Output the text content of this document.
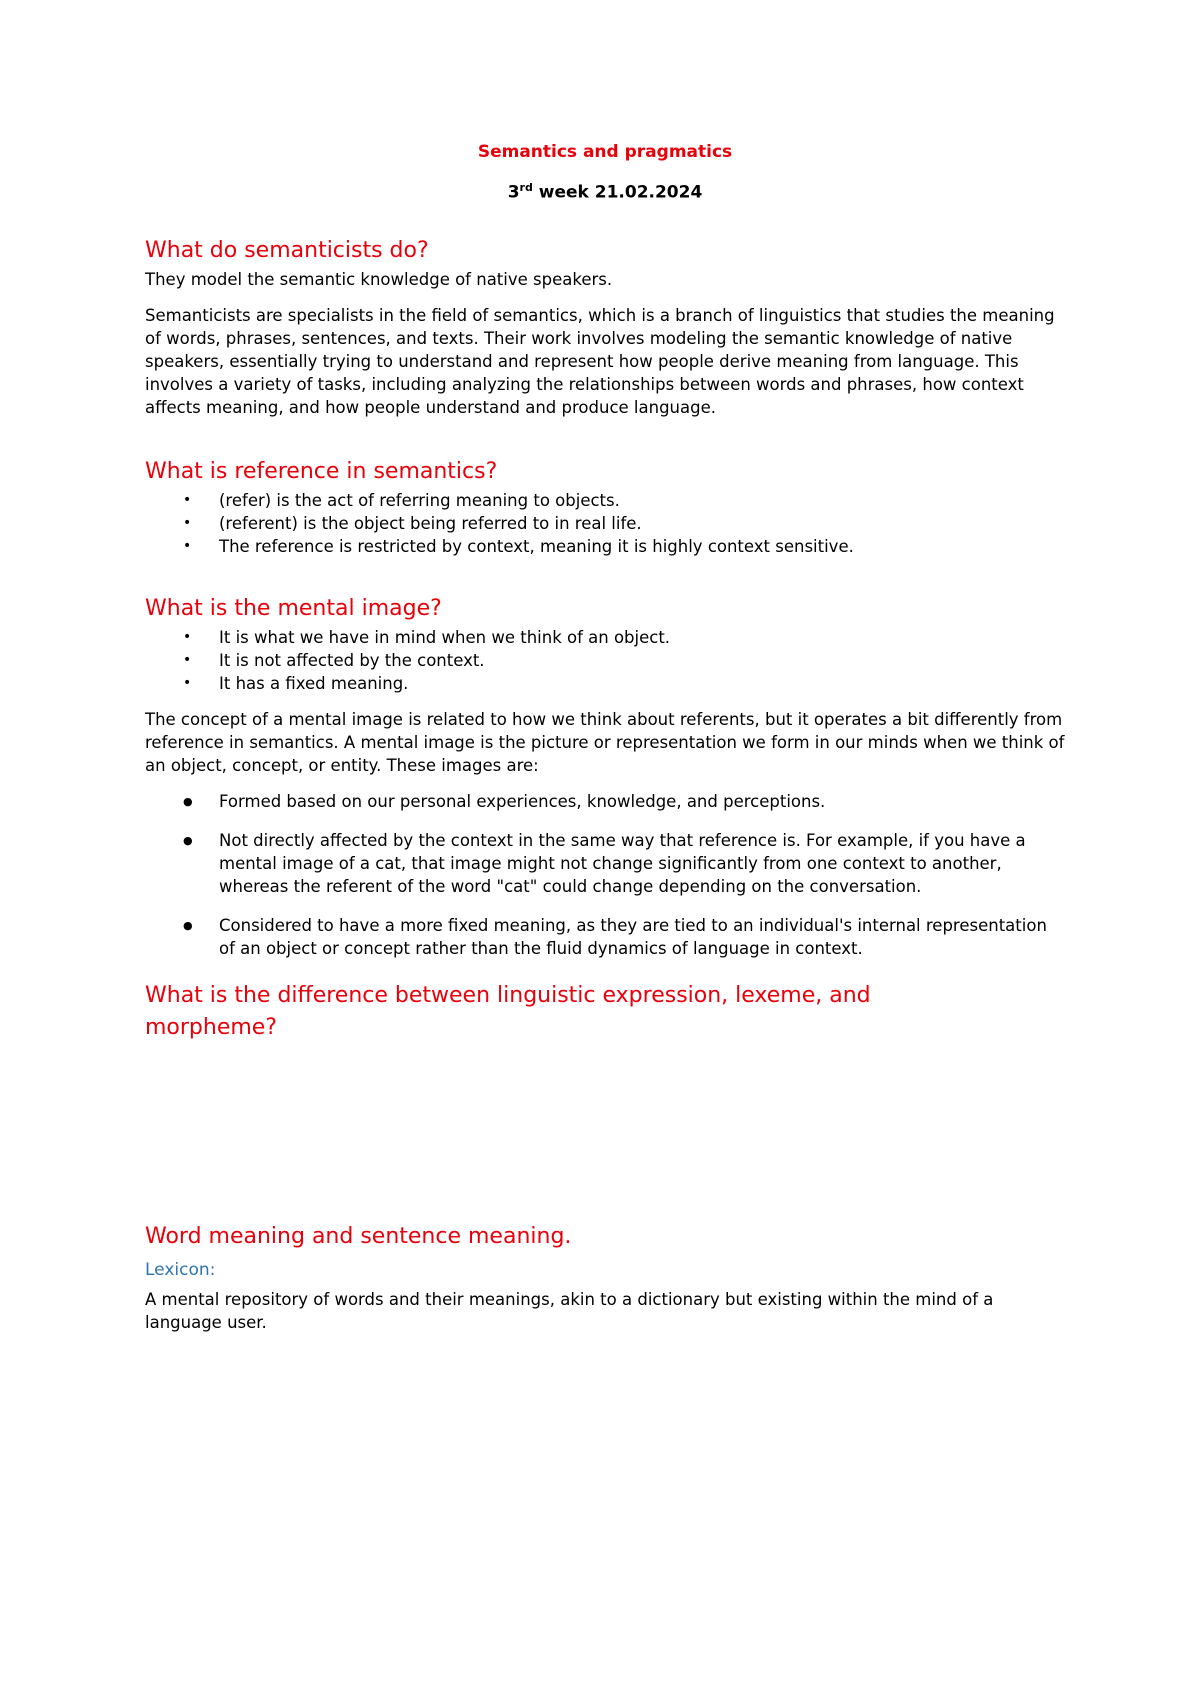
Semantics and pragmatics
3rd week 21.02.2024
What do semanticists do?

They model the semantic knowledge of native speakers.

Semanticists are specialists in the field of semantics, which is a branch of linguistics that studies the meaning of words, phrases, sentences, and texts. Their work involves modeling the semantic knowledge of native speakers, essentially trying to understand and represent how people derive meaning from language. This involves a variety of tasks, including analyzing the relationships between words and phrases, how context affects meaning, and how people understand and produce language.

What is reference in semantics?
• (refer) is the act of referring meaning to objects.
• (referent) is the object being referred to in real life.
• The reference is restricted by context, meaning it is highly context sensitive.
What is the mental image?
• It is what we have in mind when we think of an object.
• It is not affected by the context.
• It has a fixed meaning.

The concept of a mental image is related to how we think about referents, but it operates a bit differently from reference in semantics. A mental image is the picture or representation we form in our minds when we think of an object, concept, or entity. These images are:

● Formed based on our personal experiences, knowledge, and perceptions.
● Not directly affected by the context in the same way that reference is. For example, if you have a mental image of a cat, that image might not change significantly from one context to another, whereas the referent of the word "cat" could change depending on the conversation.
● Considered to have a more fixed meaning, as they are tied to an individual's internal representation of an object or concept rather than the fluid dynamics of language in context.
What is the difference between linguistic expression, lexeme, and morpheme?
Word meaning and sentence meaning.
Lexicon:

A mental repository of words and their meanings, akin to a dictionary but existing within the mind of a language user.
